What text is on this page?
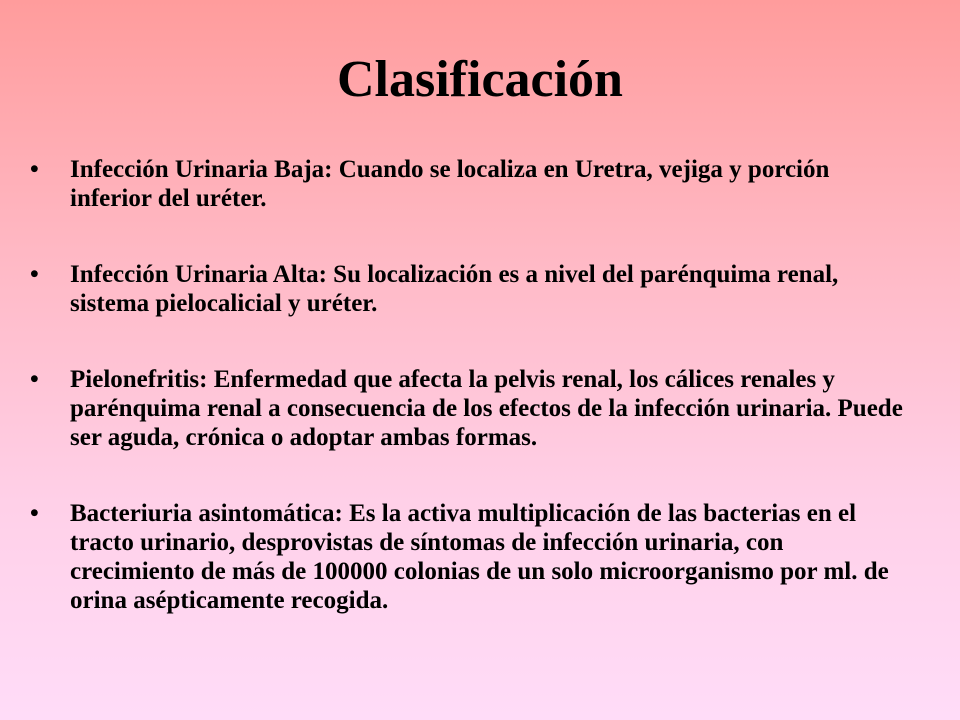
Clasificación
•	Infección Urinaria Baja: Cuando se localiza en Uretra, vejiga y porción inferior del uréter.
•	Infección Urinaria Alta: Su localización es a nivel del parénquima renal, sistema pielocalicial y uréter.
•	Pielonefritis: Enfermedad que afecta la pelvis renal, los cálices renales y parénquima renal a consecuencia de los efectos de la infección urinaria. Puede ser aguda, crónica o adoptar ambas formas.
•	Bacteriuria asintomática: Es la activa multiplicación de las bacterias en el tracto urinario, desprovistas de síntomas de infección urinaria, con crecimiento de más de 100000 colonias de un solo microorganismo por ml. de orina asépticamente recogida.
